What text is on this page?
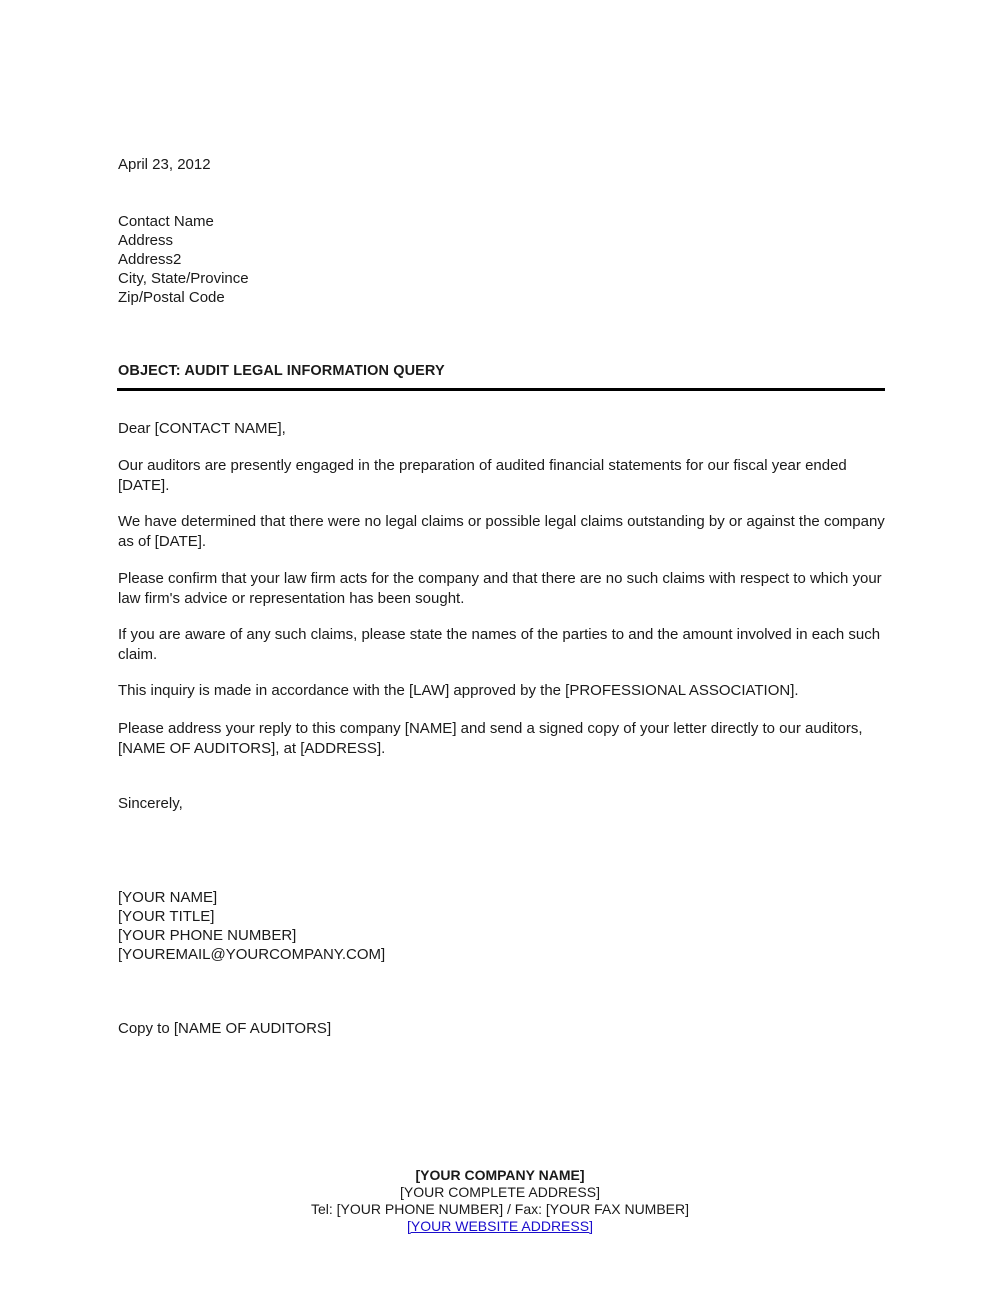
April 23, 2012
Contact Name
Address
Address2
City, State/Province
Zip/Postal Code
OBJECT: AUDIT LEGAL INFORMATION QUERY
Dear [CONTACT NAME],
Our auditors are presently engaged in the preparation of audited financial statements for our fiscal year ended [DATE].
We have determined that there were no legal claims or possible legal claims outstanding by or against the company as of [DATE].
Please confirm that your law firm acts for the company and that there are no such claims with respect to which your law firm's advice or representation has been sought.
If you are aware of any such claims, please state the names of the parties to and the amount involved in each such claim.
This inquiry is made in accordance with the [LAW] approved by the [PROFESSIONAL ASSOCIATION].
Please address your reply to this company [NAME] and send a signed copy of your letter directly to our auditors, [NAME OF AUDITORS], at [ADDRESS].
Sincerely,
[YOUR NAME]
[YOUR TITLE]
[YOUR PHONE NUMBER]
[YOUREMAIL@YOURCOMPANY.COM]
Copy to [NAME OF AUDITORS]
[YOUR COMPANY NAME]
[YOUR COMPLETE ADDRESS]
Tel: [YOUR PHONE NUMBER] / Fax: [YOUR FAX NUMBER]
[YOUR WEBSITE ADDRESS]
